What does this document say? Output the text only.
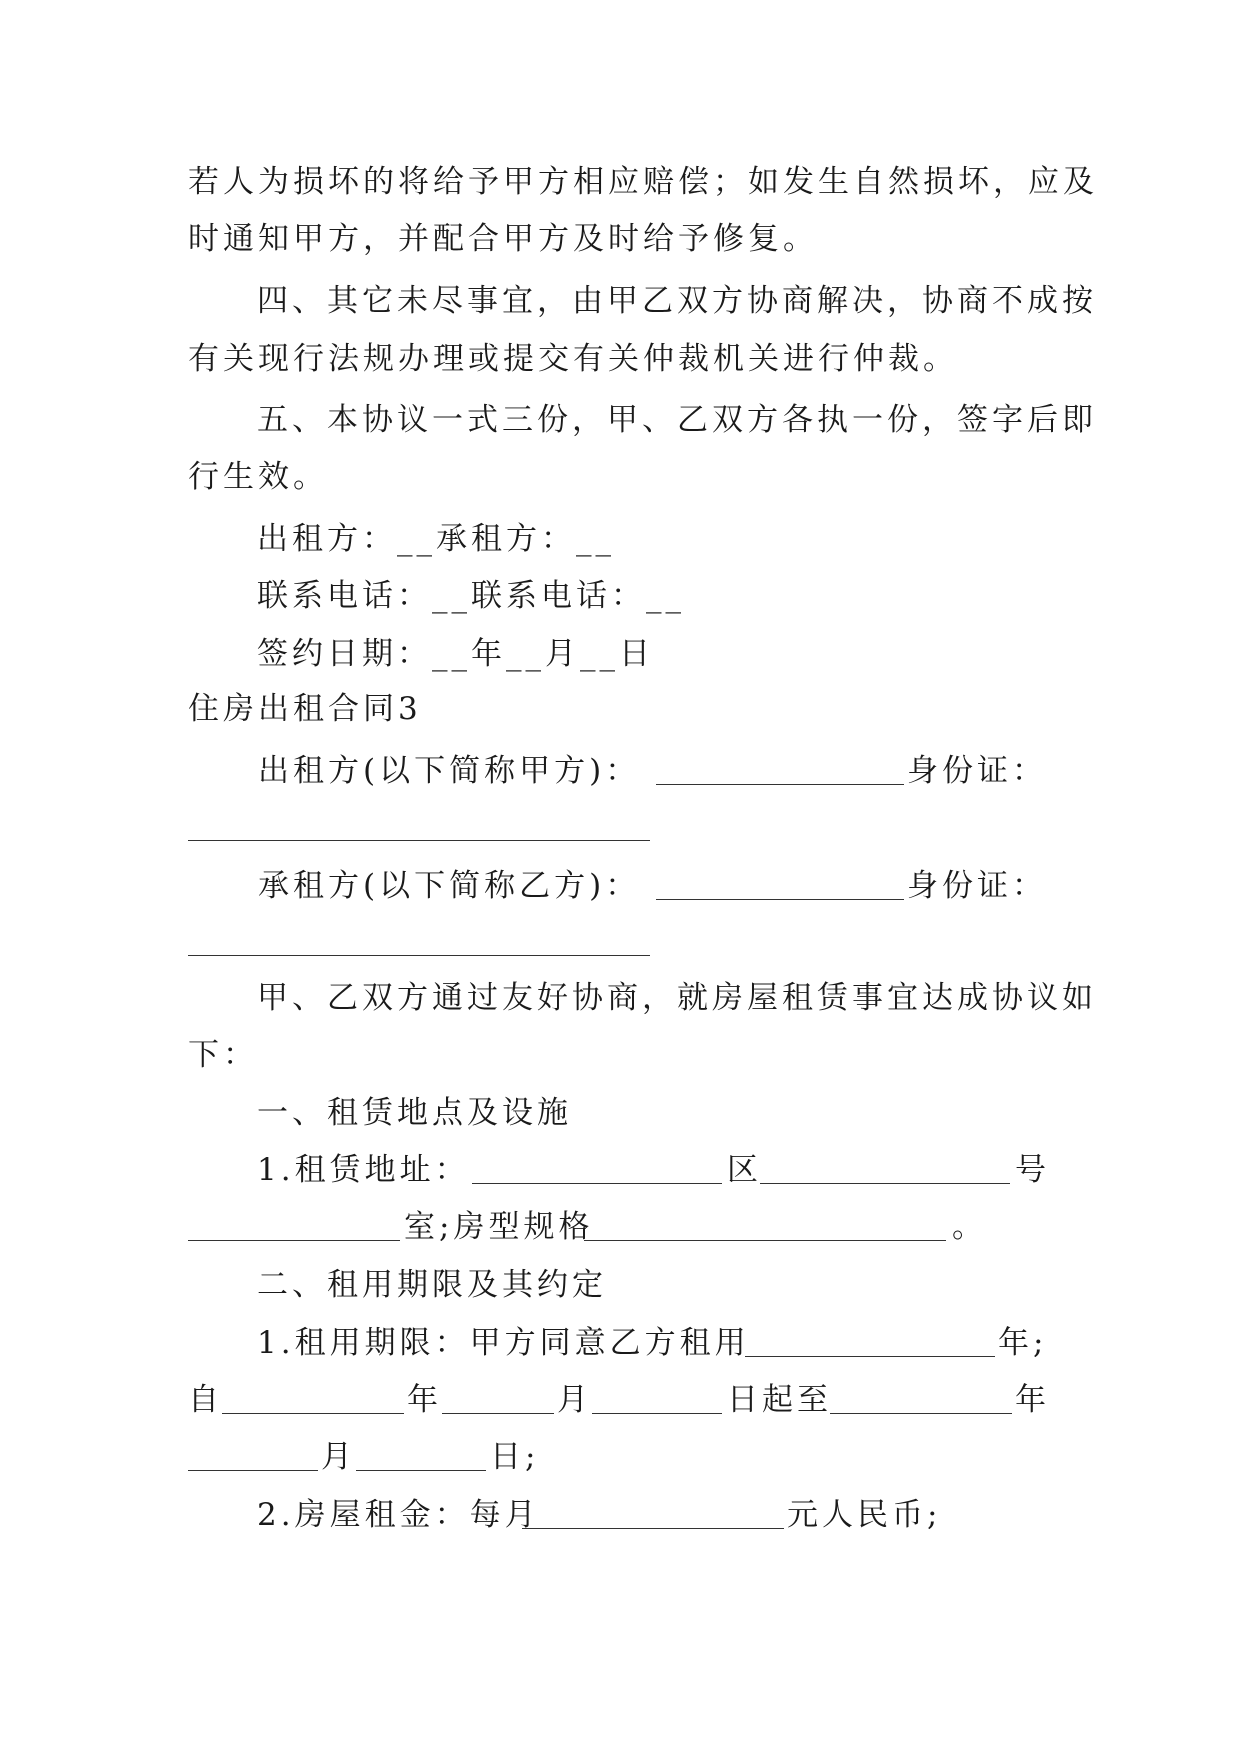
若人为损坏的将给予甲方相应赔偿；如发生自然损坏，应及
时通知甲方，并配合甲方及时给予修复。
四、其它未尽事宜，由甲乙双方协商解决，协商不成按
有关现行法规办理或提交有关仲裁机关进行仲裁。
五、本协议一式三份，甲、乙双方各执一份，签字后即
行生效。
出租方：__承租方：__
联系电话：__联系电话：__
签约日期：__年__月__日
住房出租合同3
出租方(以下简称甲方)：	身份证：
承租方(以下简称乙方)：	身份证：
甲、乙双方通过友好协商，就房屋租赁事宜达成协议如
下：
一、租赁地点及设施
1.租赁地址：	区	号
室;房型规格	。
二、租用期限及其约定
1.租用期限：甲方同意乙方租用	年;
自	年	月	日起至	年
月	日;
2.房屋租金：每月	元人民币;
